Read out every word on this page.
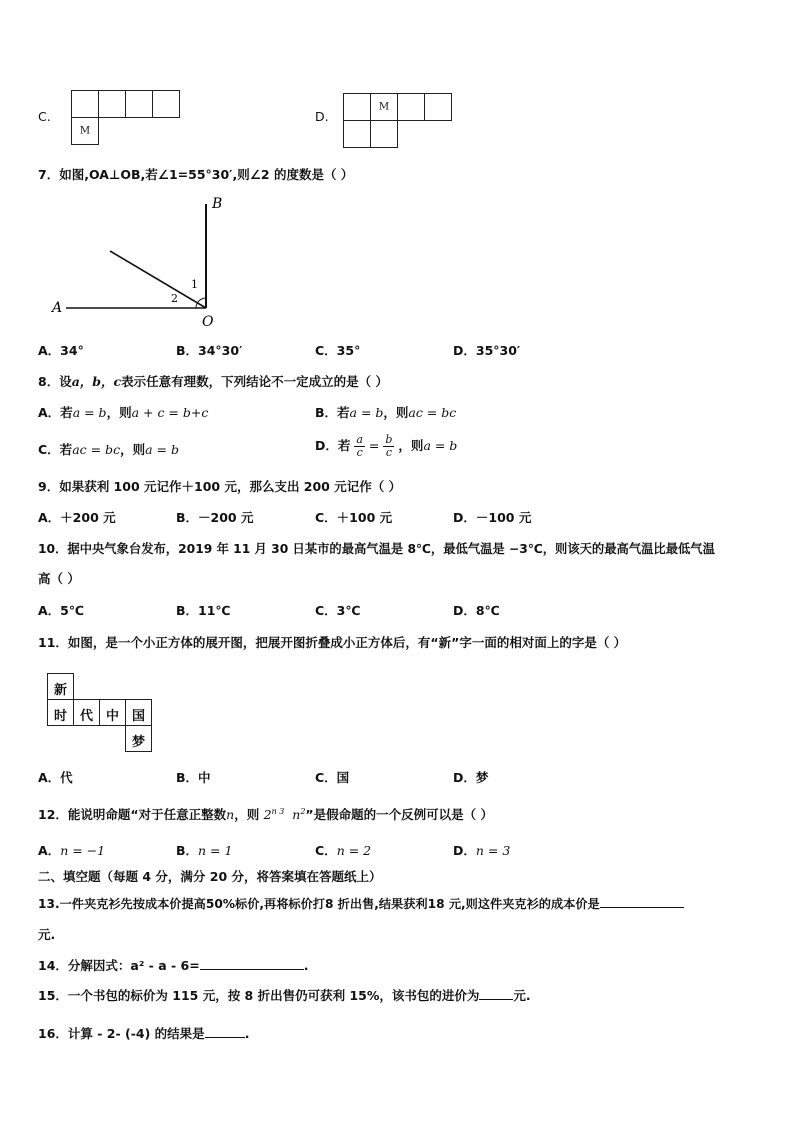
C.
M
D.
M
7．如图,OA⊥OB,若∠1=55°30′,则∠2 的度数是（ ）
B
A
O
1
2
A．34°	B．34°30′	C．35°	D．35°30′
8．设a，b，c表示任意有理数，下列结论不一定成立的是（ ）
A．若a = b，则a + c = b+c	B．若a = b，则ac = bc
C．若ac = bc，则a = b	D．若 $\frac{a}{c} = \frac{b}{c}$ ，则a = b
9．如果获利 100 元记作＋100 元，那么支出 200 元记作（ ）
A．＋200 元	B．－200 元	C．＋100 元	D．－100 元
10．据中央气象台发布，2019 年 11 月 30 日某市的最高气温是 8℃，最低气温是 −3℃，则该天的最高气温比最低气温
高（ ）
A．5℃	B．11℃	C．3℃	D．8℃
11．如图，是一个小正方体的展开图，把展开图折叠成小正方体后，有“新”字一面的相对面上的字是（ ）
新
时 代 中 国
梦
A．代	B．中	C．国	D．梦
12．能说明命题“对于任意正整数n，则 $2^{n 3}$ $n^2$”是假命题的一个反例可以是（ ）
A．n = −1	B．n = 1	C．n = 2	D．n = 3
二、填空题（每题 4 分，满分 20 分，将答案填在答题纸上）
13.一件夹克衫先按成本价提高50%标价,再将标价打8 折出售,结果获利18 元,则这件夹克衫的成本价是
元.
14．分解因式：a² - a - 6=	.
15．一个书包的标价为 115 元，按 8 折出售仍可获利 15%，该书包的进价为	元.
16．计算 - 2- (-4) 的结果是	.
